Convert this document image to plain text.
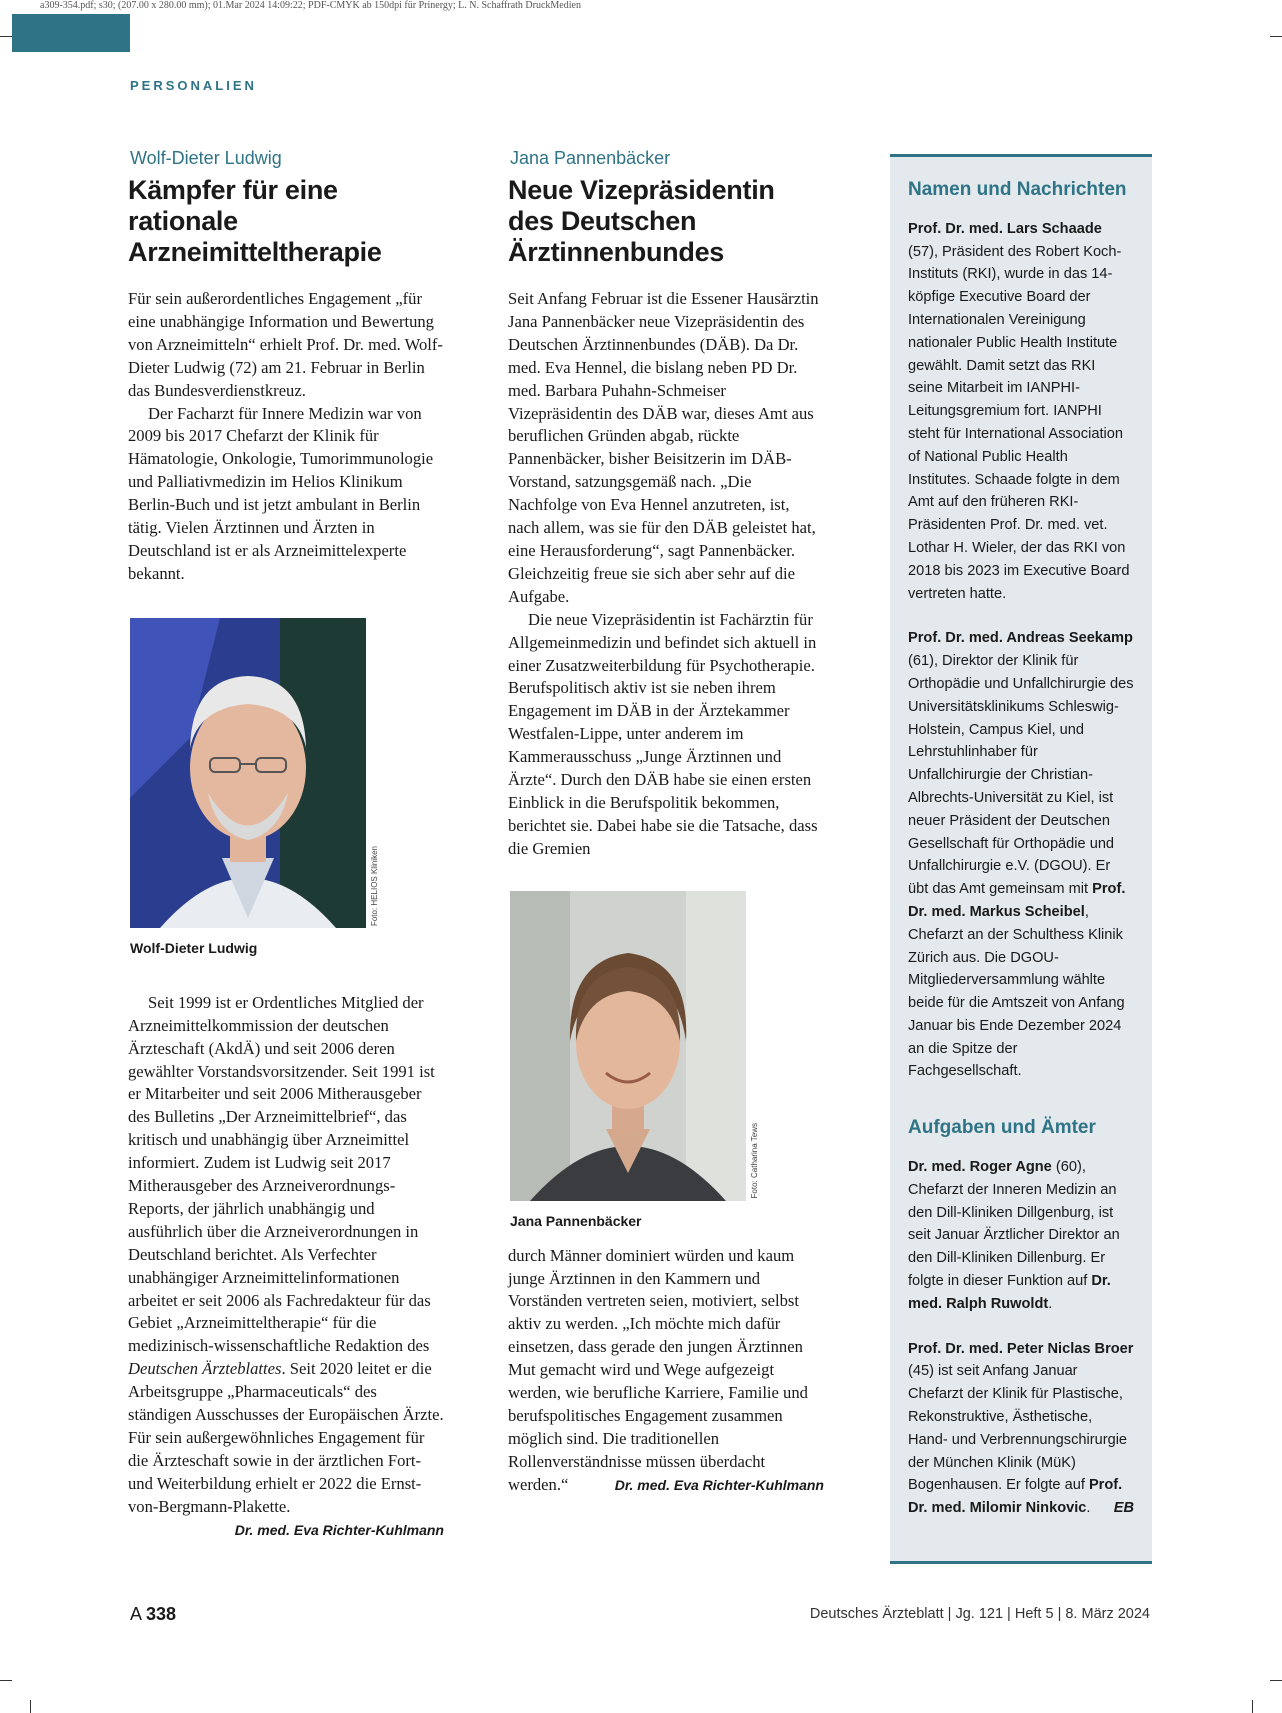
a309-354.pdf; s30; (207.00 x 280.00 mm); 01.Mar 2024 14:09:22; PDF-CMYK ab 150dpi für Prinergy; L. N. Schaffrath DruckMedien
PERSONALIEN
Wolf-Dieter Ludwig
Kämpfer für eine rationale Arzneimitteltherapie

Für sein außerordentliches Engagement „für eine unabhängige Information und Bewertung von Arzneimitteln“ erhielt Prof. Dr. med. Wolf-Dieter Ludwig (72) am 21. Februar in Berlin das Bundesverdienstkreuz.

Der Facharzt für Innere Medizin war von 2009 bis 2017 Chefarzt der Klinik für Hämatologie, Onkologie, Tumorimmunologie und Palliativmedizin im Helios Klinikum Berlin-Buch und ist jetzt ambulant in Berlin tätig. Vielen Ärztinnen und Ärzten in Deutschland ist er als Arzneimittelexperte bekannt.

Foto: HELIOS Kliniken
Wolf-Dieter Ludwig

Seit 1999 ist er Ordentliches Mitglied der Arzneimittelkommission der deutschen Ärzteschaft (AkdÄ) und seit 2006 deren gewählter Vorstandsvorsitzender. Seit 1991 ist er Mitarbeiter und seit 2006 Mitherausgeber des Bulletins „Der Arzneimittelbrief“, das kritisch und unabhängig über Arzneimittel informiert. Zudem ist Ludwig seit 2017 Mitherausgeber des Arzneiverordnungs-Reports, der jährlich unabhängig und ausführlich über die Arzneiverordnungen in Deutschland berichtet. Als Verfechter unabhängiger Arzneimittelinformationen arbeitet er seit 2006 als Fachredakteur für das Gebiet „Arzneimitteltherapie“ für die medizinisch-wissenschaftliche Redaktion des Deutschen Ärzteblattes. Seit 2020 leitet er die Arbeitsgruppe „Pharmaceuticals“ des ständigen Ausschusses der Europäischen Ärzte. Für sein außergewöhnliches Engagement für die Ärzteschaft sowie in der ärztlichen Fort- und Weiterbildung erhielt er 2022 die Ernst-von-Bergmann-Plakette.
Dr. med. Eva Richter-Kuhlmann

Jana Pannenbäcker
Neue Vizepräsidentin des Deutschen Ärztinnenbundes

Seit Anfang Februar ist die Essener Hausärztin Jana Pannenbäcker neue Vizepräsidentin des Deutschen Ärztinnenbundes (DÄB). Da Dr. med. Eva Hennel, die bislang neben PD Dr. med. Barbara Puhahn-Schmeiser Vizepräsidentin des DÄB war, dieses Amt aus beruflichen Gründen abgab, rückte Pannenbäcker, bisher Beisitzerin im DÄB-Vorstand, satzungsgemäß nach. „Die Nachfolge von Eva Hennel anzutreten, ist, nach allem, was sie für den DÄB geleistet hat, eine Herausforderung“, sagt Pannenbäcker. Gleichzeitig freue sie sich aber sehr auf die Aufgabe.

Die neue Vizepräsidentin ist Fachärztin für Allgemeinmedizin und befindet sich aktuell in einer Zusatzweiterbildung für Psychotherapie. Berufspolitisch aktiv ist sie neben ihrem Engagement im DÄB in der Ärztekammer Westfalen-Lippe, unter anderem im Kammerausschuss „Junge Ärztinnen und Ärzte“. Durch den DÄB habe sie einen ersten Einblick in die Berufspolitik bekommen, berichtet sie. Dabei habe sie die Tatsache, dass die Gremien

Foto: Catharina Tews
Jana Pannenbäcker

durch Männer dominiert würden und kaum junge Ärztinnen in den Kammern und Vorständen vertreten seien, motiviert, selbst aktiv zu werden. „Ich möchte mich dafür einsetzen, dass gerade den jungen Ärztinnen Mut gemacht wird und Wege aufgezeigt werden, wie berufliche Karriere, Familie und berufspolitisches Engagement zusammen möglich sind. Die traditionellen Rollenverständnisse müssen überdacht werden.“	Dr. med. Eva Richter-Kuhlmann

Namen und Nachrichten

Prof. Dr. med. Lars Schaade (57), Präsident des Robert Koch-Instituts (RKI), wurde in das 14-köpfige Executive Board der Internationalen Vereinigung nationaler Public Health Institute gewählt. Damit setzt das RKI seine Mitarbeit im IANPHI-Leitungsgremium fort. IANPHI steht für International Association of National Public Health Institutes. Schaade folgte in dem Amt auf den früheren RKI-Präsidenten Prof. Dr. med. vet. Lothar H. Wieler, der das RKI von 2018 bis 2023 im Executive Board vertreten hatte.

Prof. Dr. med. Andreas Seekamp (61), Direktor der Klinik für Orthopädie und Unfallchirurgie des Universitätsklinikums Schleswig-Holstein, Campus Kiel, und Lehrstuhlinhaber für Unfallchirurgie der Christian-Albrechts-Universität zu Kiel, ist neuer Präsident der Deutschen Gesellschaft für Orthopädie und Unfallchirurgie e.V. (DGOU). Er übt das Amt gemeinsam mit Prof. Dr. med. Markus Scheibel, Chefarzt an der Schulthess Klinik Zürich aus. Die DGOU-Mitgliederversammlung wählte beide für die Amtszeit von Anfang Januar bis Ende Dezember 2024 an die Spitze der Fachgesellschaft.

Aufgaben und Ämter

Dr. med. Roger Agne (60), Chefarzt der Inneren Medizin an den Dill-Kliniken Dillgenburg, ist seit Januar Ärztlicher Direktor an den Dill-Kliniken Dillenburg. Er folgte in dieser Funktion auf Dr. med. Ralph Ruwoldt.

Prof. Dr. med. Peter Niclas Broer (45) ist seit Anfang Januar Chefarzt der Klinik für Plastische, Rekonstruktive, Ästhetische, Hand- und Verbrennungschirurgie der München Klinik (MüK) Bogenhausen. Er folgte auf Prof. Dr. med. Milomir Ninkovic. EB

A 338	Deutsches Ärzteblatt | Jg. 121 | Heft 5 | 8. März 2024
